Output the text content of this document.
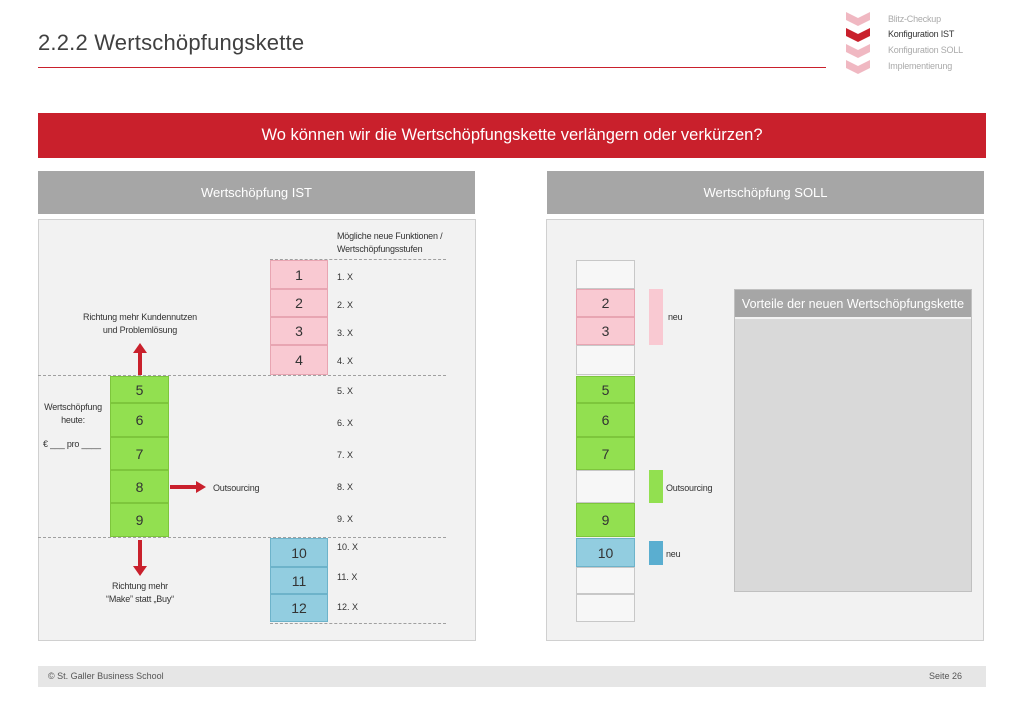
2.2.2 Wertschöpfungskette
Blitz-Checkup
Konfiguration IST
Konfiguration SOLL
Implementierung
Wo können wir die Wertschöpfungskette verlängern oder verkürzen?
Wertschöpfung IST	Wertschöpfung SOLL
Mögliche neue Funktionen /
Wertschöpfungsstufen
1
2
3
4
5
6
7
8
9
10
11
12
1. X
2. X
3. X
4. X
5. X
6. X
7. X
8. X
9. X
10. X
11. X
12. X
Richtung mehr Kundennutzen
und Problemlösung
Wertschöpfung
heute:
€ ___ pro ____
Outsourcing
Richtung mehr
“Make” statt „Buy“
2
3
5
6
7
9
10
neu
Outsourcing
neu
Vorteile der neuen Wertschöpfungskette
© St. Galler Business School	Seite 26
